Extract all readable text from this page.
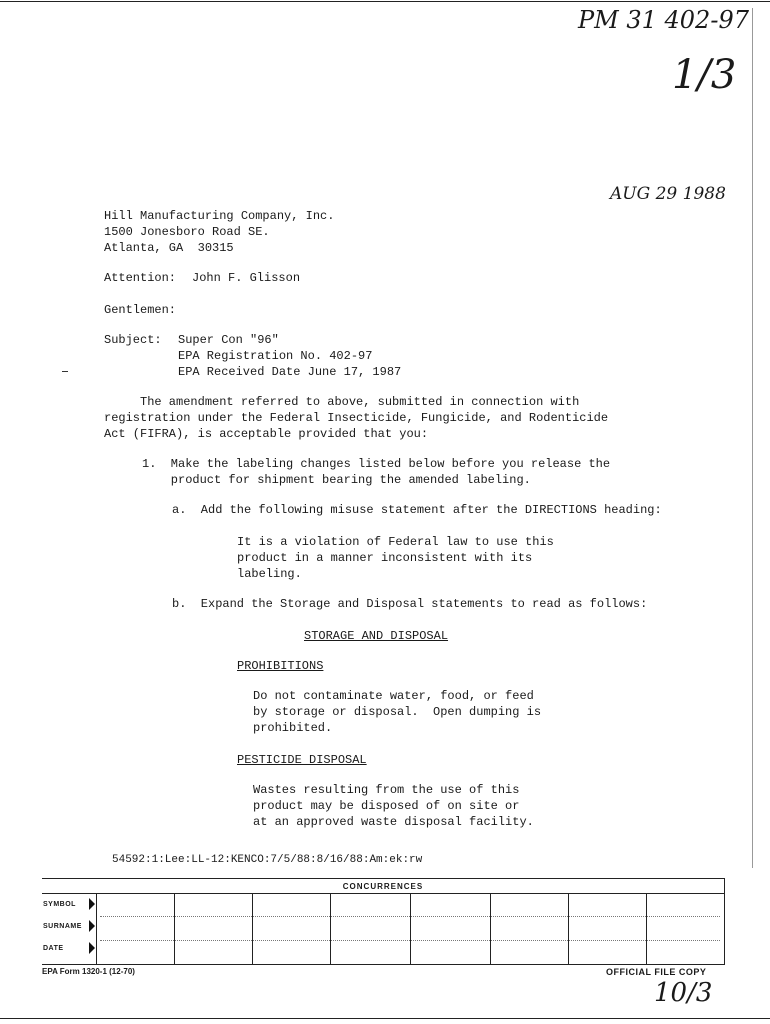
PM 31 402-97
1/3
AUG 29 1988
Hill Manufacturing Company, Inc.
1500 Jonesboro Road SE.
Atlanta, GA  30315
Attention: John F. Glisson
Gentlemen:
Subject: Super Con "96"
EPA Registration No. 402-97
EPA Received Date June 17, 1987
The amendment referred to above, submitted in connection with
registration under the Federal Insecticide, Fungicide, and Rodenticide
Act (FIFRA), is acceptable provided that you:
1.  Make the labeling changes listed below before you release the
product for shipment bearing the amended labeling.
a.  Add the following misuse statement after the DIRECTIONS heading:
It is a violation of Federal law to use this
product in a manner inconsistent with its
labeling.
b.  Expand the Storage and Disposal statements to read as follows:
STORAGE AND DISPOSAL
PROHIBITIONS
Do not contaminate water, food, or feed
by storage or disposal.  Open dumping is
prohibited.
PESTICIDE DISPOSAL
Wastes resulting from the use of this
product may be disposed of on site or
at an approved waste disposal facility.
54592:1:Lee:LL-12:KENCO:7/5/88:8/16/88:Am:ek:rw
CONCURRENCES
SYMBOL
SURNAME
DATE
EPA Form 1320-1 (12-70)	OFFICIAL FILE COPY
10/3
